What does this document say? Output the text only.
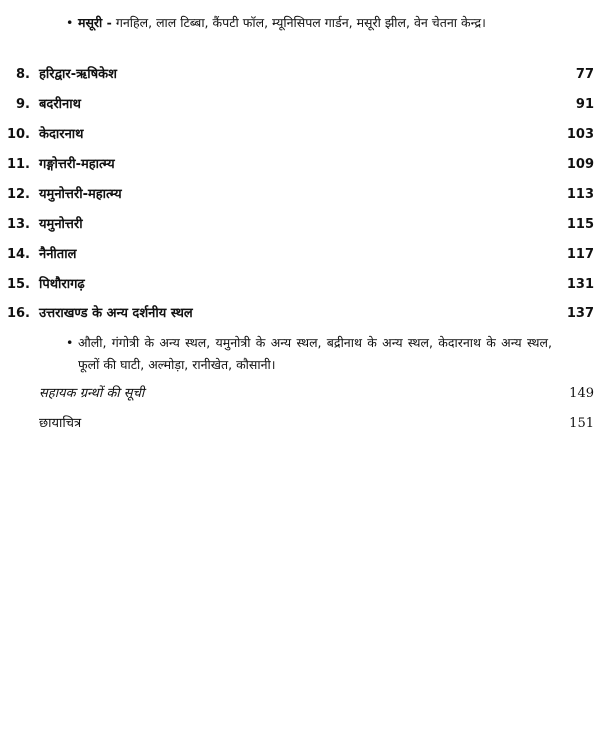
• मसूरी - गनहिल, लाल टिब्बा, कैंपटी फॉल, म्यूनिसिपल गार्डन, मसूरी झील, वेन चेतना केन्द्र।
8. हरिद्वार-ऋषिकेश	77
9. बदरीनाथ	91
10. केदारनाथ	103
11. गङ्गोत्तरी-महात्म्य	109
12. यमुनोत्तरी-महात्म्य	113
13. यमुनोत्तरी	115
14. नैनीताल	117
15. पिथौरागढ़	131
16. उत्तराखण्ड के अन्य दर्शनीय स्थल	137
• औली, गंगोत्री के अन्य स्थल, यमुनोत्री के अन्य स्थल, बद्रीनाथ के अन्य स्थल, केदारनाथ के अन्य स्थल, फूलों की घाटी, अल्मोड़ा, रानीखेत, कौसानी।
सहायक ग्रन्थों की सूची	149
छायाचित्र	151
